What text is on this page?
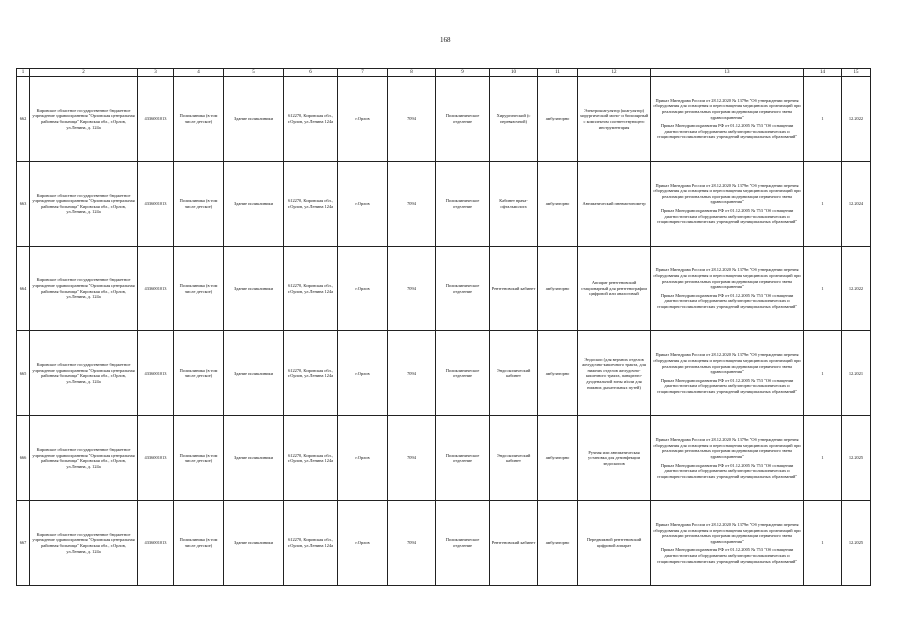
168
1	2	3	4	5	6	7	8	9	10	11	12	13	14	15
662	Кировское областное государственное бюджетное учреждение здравоохранения "Орловская центральная районная больница" Кировская обл., г.Орлов, ул.Ленина, д. 124а	4336001013	Поликлиника (в том числе детское)	Здание поликлиники	612270, Кировская обл., г.Орлов, ул.Ленина 124а	г.Орлов	7094	Поликлиническое отделение	Хирургический (с перевязочной)	амбулаторно	Электрокоагулятор (коагулятор) хирургический моно- и биполярный с комплектом соответствующего инструментария	Приказ Минздрава России от 28.12.2020 № 1379н "Об утверждении перечня оборудования для оснащения и переоснащения медицинских организаций при реализации региональных программ модернизации первичного звена здравоохранения"

Приказ Минздравсоцразвития РФ от 01.12.2005 № 753 "Об оснащении диагностическим оборудованием амбулаторно-поликлинических и стационарно-поликлинических учреждений муниципальных образований"	1	12.2022
663	Кировское областное государственное бюджетное учреждение здравоохранения "Орловская центральная районная больница" Кировская обл., г.Орлов, ул.Ленина, д. 124а	4336001013	Поликлиника (в том числе детское)	Здание поликлиники	612270, Кировская обл., г.Орлов, ул.Ленина 124а	г.Орлов	7094	Поликлиническое отделение	Кабинет врача-офтальмолога	амбулаторно	Автоматический пневмотонометр	Приказ Минздрава России от 28.12.2020 № 1379н "Об утверждении перечня оборудования для оснащения и переоснащения медицинских организаций при реализации региональных программ модернизации первичного звена здравоохранения"

Приказ Минздравсоцразвития РФ от 01.12.2005 № 753 "Об оснащении диагностическим оборудованием амбулаторно-поликлинических и стационарно-поликлинических учреждений муниципальных образований"	1	12.2024
664	Кировское областное государственное бюджетное учреждение здравоохранения "Орловская центральная районная больница" Кировская обл., г.Орлов, ул.Ленина, д. 124а	4336001013	Поликлиника (в том числе детское)	Здание поликлиники	612270, Кировская обл., г.Орлов, ул.Ленина 124а	г.Орлов	7094	Поликлиническое отделение	Рентгеновский кабинет	амбулаторно	Аппарат рентгеновский стационарный для рентгенографии цифровой или аналоговый	Приказ Минздрава России от 28.12.2020 № 1379н "Об утверждении перечня оборудования для оснащения и переоснащения медицинских организаций при реализации региональных программ модернизации первичного звена здравоохранения"

Приказ Минздравсоцразвития РФ от 01.12.2005 № 753 "Об оснащении диагностическим оборудованием амбулаторно-поликлинических и стационарно-поликлинических учреждений муниципальных образований"	1	12.2022
665	Кировское областное государственное бюджетное учреждение здравоохранения "Орловская центральная районная больница" Кировская обл., г.Орлов, ул.Ленина, д. 124а	4336001013	Поликлиника (в том числе детское)	Здание поликлиники	612270, Кировская обл., г.Орлов, ул.Ленина 124а	г.Орлов	7094	Поликлиническое отделение	Эндоскопический кабинет	амбулаторно	Эндоскоп (для верхних отделов желудочно-кишечного тракта, для нижних отделов желудочно-кишечного тракта, панкреато-дуоденальной зоны и/или для нижних дыхательных путей)	Приказ Минздрава России от 28.12.2020 № 1379н "Об утверждении перечня оборудования для оснащения и переоснащения медицинских организаций при реализации региональных программ модернизации первичного звена здравоохранения"

Приказ Минздравсоцразвития РФ от 01.12.2005 № 753 "Об оснащении диагностическим оборудованием амбулаторно-поликлинических и стационарно-поликлинических учреждений муниципальных образований"	1	12.2021
666	Кировское областное государственное бюджетное учреждение здравоохранения "Орловская центральная районная больница" Кировская обл., г.Орлов, ул.Ленина, д. 124а	4336001013	Поликлиника (в том числе детское)	Здание поликлиники	612270, Кировская обл., г.Орлов, ул.Ленина 124а	г.Орлов	7094	Поликлиническое отделение	Эндоскопический кабинет	амбулаторно	Ручная или автоматическая установка для дезинфекции эндоскопов	Приказ Минздрава России от 28.12.2020 № 1379н "Об утверждении перечня оборудования для оснащения и переоснащения медицинских организаций при реализации региональных программ модернизации первичного звена здравоохранения"

Приказ Минздравсоцразвития РФ от 01.12.2005 № 753 "Об оснащении диагностическим оборудованием амбулаторно-поликлинических и стационарно-поликлинических учреждений муниципальных образований"	1	12.2025
667	Кировское областное государственное бюджетное учреждение здравоохранения "Орловская центральная районная больница" Кировская обл., г.Орлов, ул.Ленина, д. 124а	4336001013	Поликлиника (в том числе детское)	Здание поликлиники	612270, Кировская обл., г.Орлов, ул.Ленина 124а	г.Орлов	7094	Поликлиническое отделение	Рентгеновский кабинет	амбулаторно	Передвижной рентгеновский цифровой аппарат	Приказ Минздрава России от 28.12.2020 № 1379н "Об утверждении перечня оборудования для оснащения и переоснащения медицинских организаций при реализации региональных программ модернизации первичного звена здравоохранения"

Приказ Минздравсоцразвития РФ от 01.12.2005 № 753 "Об оснащении диагностическим оборудованием амбулаторно-поликлинических и стационарно-поликлинических учреждений муниципальных образований"	1	12.2025
